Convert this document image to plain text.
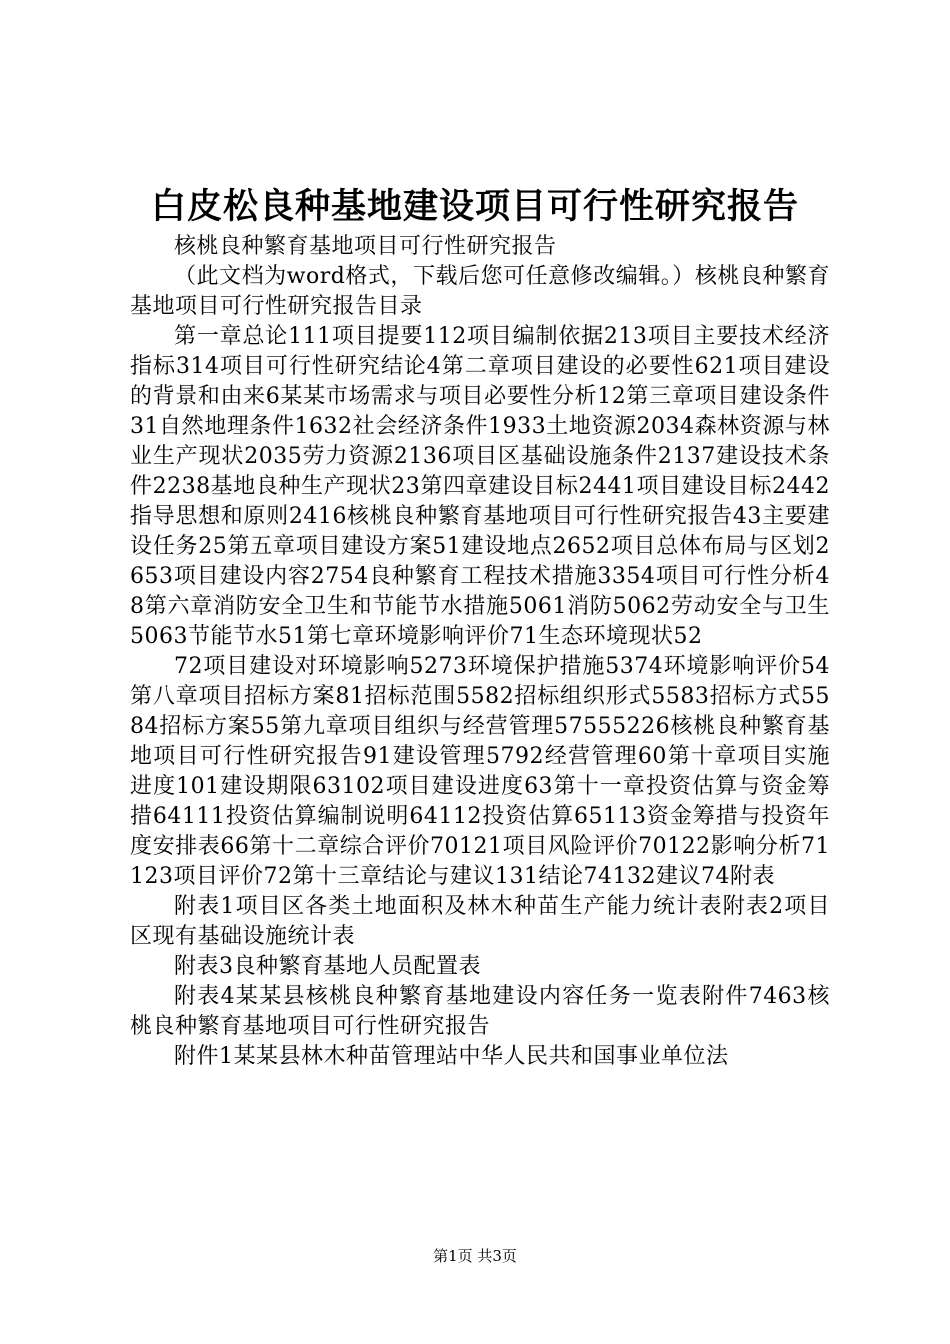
白皮松良种基地建设项目可行性研究报告

核桃良种繁育基地项目可行性研究报告

（此文档为word格式，下载后您可任意修改编辑。）核桃良种繁育基地项目可行性研究报告目录

第一章总论111项目提要112项目编制依据213项目主要技术经济指标314项目可行性研究结论4第二章项目建设的必要性621项目建设的背景和由来6某某市场需求与项目必要性分析12第三章项目建设条件31自然地理条件1632社会经济条件1933土地资源2034森林资源与林业生产现状2035劳力资源2136项目区基础设施条件2137建设技术条件2238基地良种生产现状23第四章建设目标2441项目建设目标2442指导思想和原则2416核桃良种繁育基地项目可行性研究报告43主要建设任务25第五章项目建设方案51建设地点2652项目总体布局与区划2653项目建设内容2754良种繁育工程技术措施3354项目可行性分析48第六章消防安全卫生和节能节水措施5061消防5062劳动安全与卫生5063节能节水51第七章环境影响评价71生态环境现状52

72项目建设对环境影响5273环境保护措施5374环境影响评价54第八章项目招标方案81招标范围5582招标组织形式5583招标方式5584招标方案55第九章项目组织与经营管理57555226核桃良种繁育基地项目可行性研究报告91建设管理5792经营管理60第十章项目实施进度101建设期限63102项目建设进度63第十一章投资估算与资金筹措64111投资估算编制说明64112投资估算65113资金筹措与投资年度安排表66第十二章综合评价70121项目风险评价70122影响分析71123项目评价72第十三章结论与建议131结论74132建议74附表

附表1项目区各类土地面积及林木种苗生产能力统计表附表2项目区现有基础设施统计表

附表3良种繁育基地人员配置表

附表4某某县核桃良种繁育基地建设内容任务一览表附件7463核桃良种繁育基地项目可行性研究报告

附件1某某县林木种苗管理站中华人民共和国事业单位法

第1页 共3页
